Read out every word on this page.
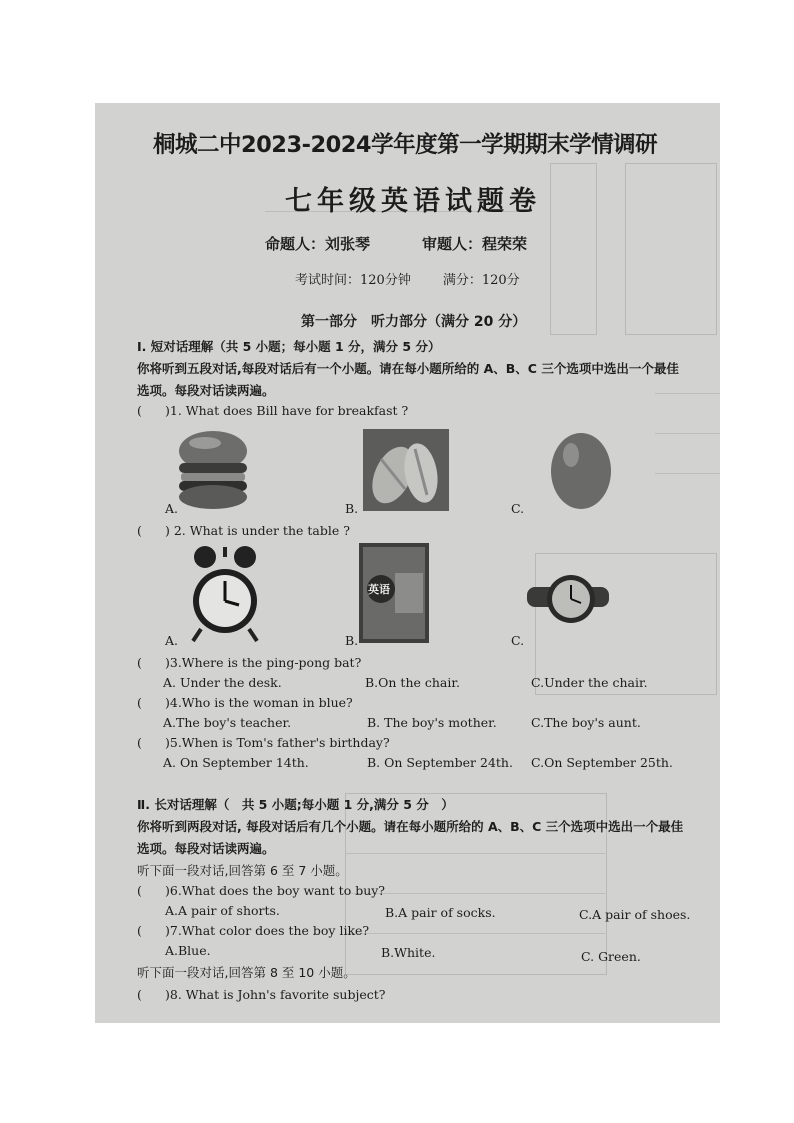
桐城二中2023-2024学年度第一学期期末学情调研
七年级英语试题卷
命题人：刘张琴	审题人：程荣荣
考试时间：120分钟 满分：120分
第一部分　听力部分（满分 20 分）
Ⅰ. 短对话理解（共 5 小题；每小题 1 分，满分 5 分）
你将听到五段对话,每段对话后有一个小题。请在每小题所给的 A、B、C 三个选项中选出一个最佳
选项。每段对话读两遍。
( )1. What does Bill have for breakfast ?
A.	B.	C.
( ) 2. What is under the table ?
英语
A.	B.	C.
( )3.Where is the ping-pong bat?
A. Under the desk.	B.On the chair.	C.Under the chair.
( )4.Who is the woman in blue?
A.The boy's teacher.	B. The boy's mother.	C.The boy's aunt.
( )5.When is Tom's father's birthday?
A. On September 14th.	B. On September 24th. C.On September 25th.
Ⅱ. 长对话理解（　共 5 小题;每小题 1 分,满分 5 分　）
你将听到两段对话, 每段对话后有几个小题。请在每小题所给的 A、B、C 三个选项中选出一个最佳
选项。每段对话读两遍。
听下面一段对话,回答第 6 至 7 小题。
( )6.What does the boy want to buy?
A.A pair of shorts.	B.A pair of socks.	C.A pair of shoes.
( )7.What color does the boy like?
A.Blue.	B.White.	C. Green.
听下面一段对话,回答第 8 至 10 小题。
( )8. What is John's favorite subject?
